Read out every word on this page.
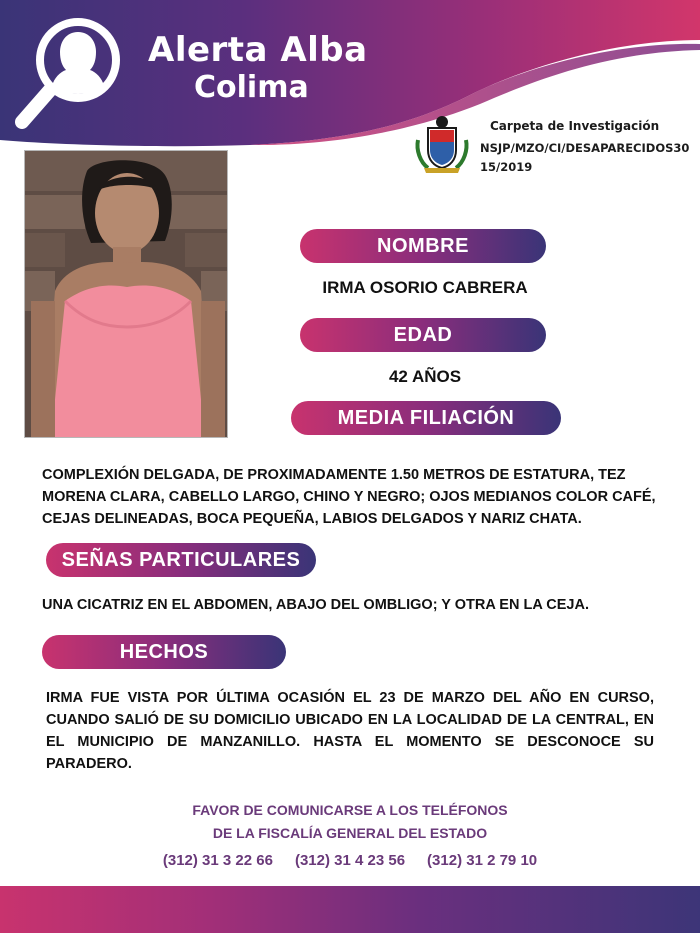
Alerta Alba
Colima
Carpeta de Investigación
NSJP/MZO/CI/DESAPARECIDOS3015/2019
NOMBRE
IRMA OSORIO CABRERA
EDAD
42 AÑOS
MEDIA FILIACIÓN
COMPLEXIÓN DELGADA, DE PROXIMADAMENTE 1.50 METROS DE ESTATURA, TEZ MORENA CLARA, CABELLO LARGO, CHINO Y NEGRO; OJOS MEDIANOS COLOR CAFÉ, CEJAS DELINEADAS, BOCA PEQUEÑA, LABIOS DELGADOS Y NARIZ CHATA.
SEÑAS PARTICULARES
UNA CICATRIZ EN EL ABDOMEN, ABAJO DEL OMBLIGO; Y OTRA EN LA CEJA.
HECHOS
IRMA FUE VISTA POR ÚLTIMA OCASIÓN EL 23 DE MARZO DEL AÑO EN CURSO, CUANDO SALIÓ DE SU DOMICILIO UBICADO EN LA LOCALIDAD DE LA CENTRAL, EN EL MUNICIPIO DE MANZANILLO. HASTA EL MOMENTO SE DESCONOCE SU PARADERO.
FAVOR DE COMUNICARSE A LOS TELÉFONOS
DE LA FISCALÍA GENERAL DEL ESTADO
(312) 31 3 22 66 (312) 31 4 23 56 (312) 31 2 79 10
